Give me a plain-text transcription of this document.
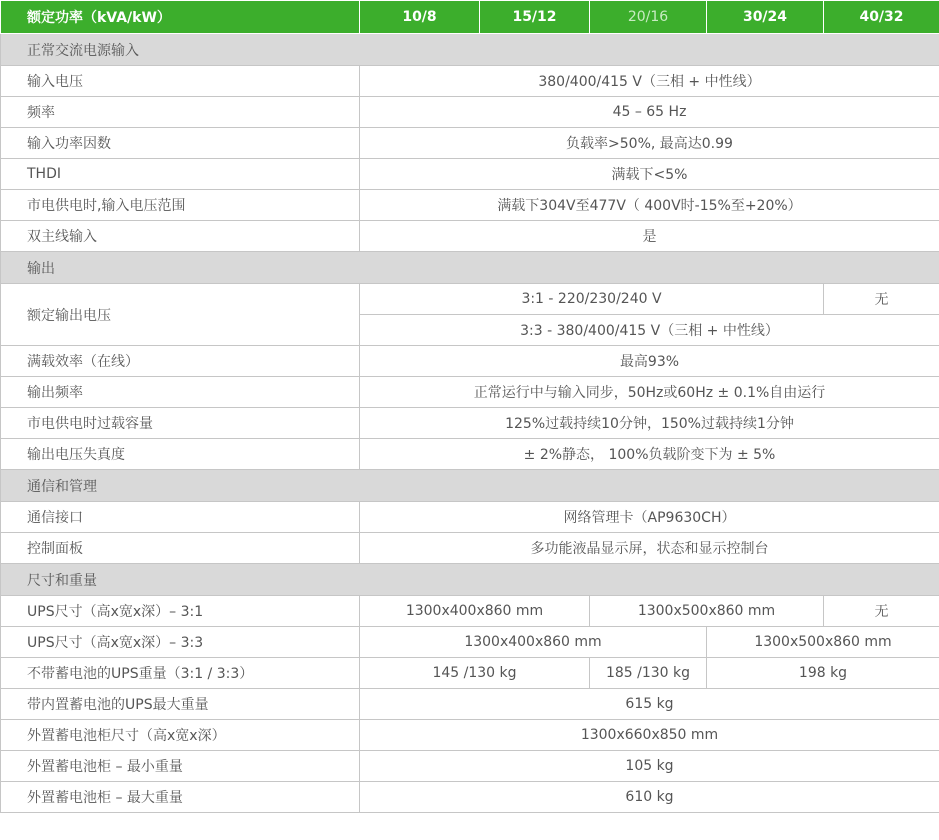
额定功率（kVA/kW）	10/8	15/12	20/16	30/24	40/32
正常交流电源输入					
输入电压	380/400/415 V（三相 + 中性线）				
频率	45 – 65 Hz				
输入功率因数	负载率>50%, 最高达0.99				
THDI	满载下<5%				
市电供电时,输入电压范围	满载下304V至477V（ 400V时-15%至+20%）				
双主线输入	是				
输出					
额定输出电压	3:1 - 220/230/240 V				无
	3:3 - 380/400/415 V（三相 + 中性线）				
满载效率（在线）	最高93%				
输出频率	正常运行中与输入同步，50Hz或60Hz ± 0.1%自由运行				
市电供电时过载容量	125%过载持续10分钟，150%过载持续1分钟				
输出电压失真度	± 2%静态， 100%负载阶变下为 ± 5%				
通信和管理					
通信接口	网络管理卡（AP9630CH）				
控制面板	多功能液晶显示屏，状态和显示控制台				
尺寸和重量					
UPS尺寸（高x宽x深）– 3:1	1300x400x860 mm		1300x500x860 mm		无
UPS尺寸（高x宽x深）– 3:3	1300x400x860 mm			1300x500x860 mm	
不带蓄电池的UPS重量（3:1 / 3:3）	145 /130 kg		185 /130 kg	198 kg	
带内置蓄电池的UPS最大重量	615 kg				
外置蓄电池柜尺寸（高x宽x深）	1300x660x850 mm				
外置蓄电池柜 – 最小重量	105 kg				
外置蓄电池柜 – 最大重量	610 kg				
